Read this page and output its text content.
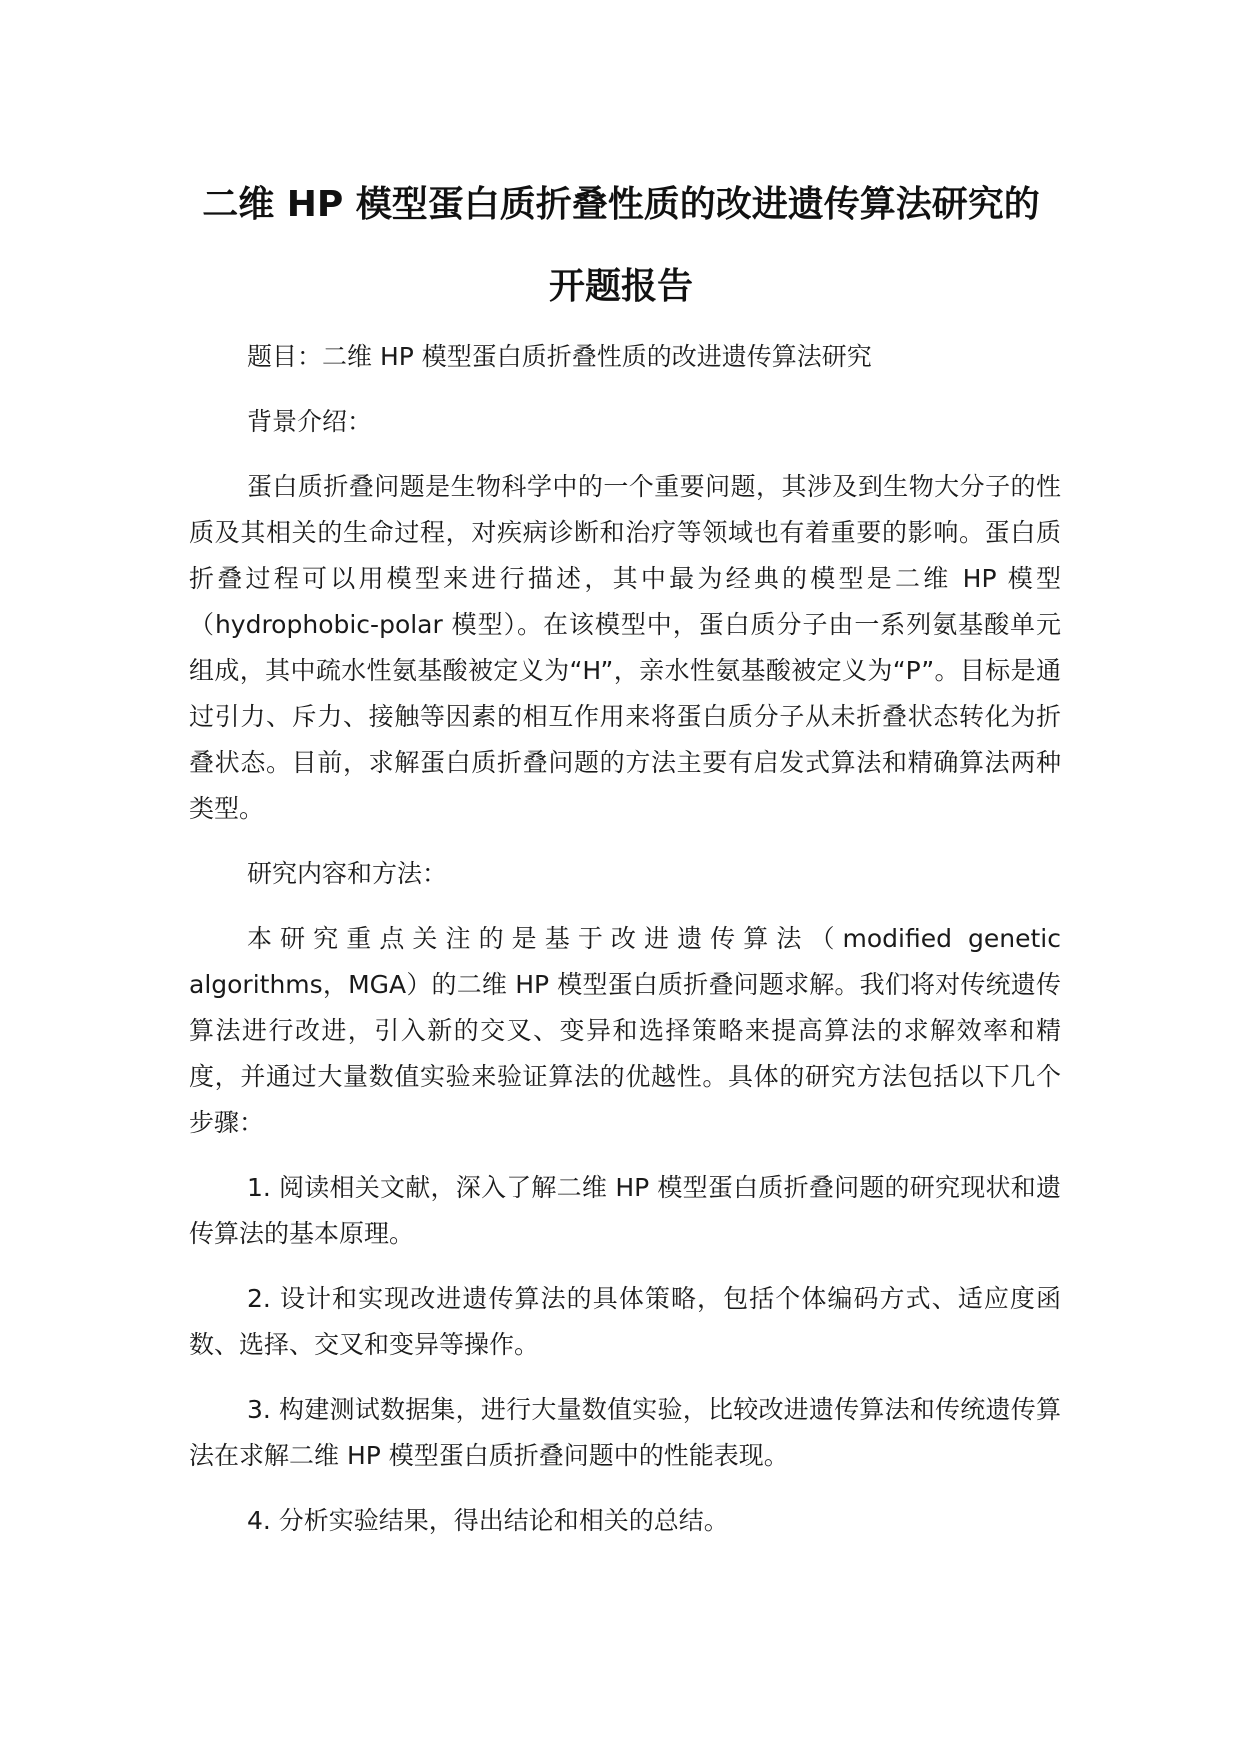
二维 HP 模型蛋白质折叠性质的改进遗传算法研究的
开题报告

题目：二维 HP 模型蛋白质折叠性质的改进遗传算法研究

背景介绍：

蛋白质折叠问题是生物科学中的一个重要问题，其涉及到生物大分子的性质及其相关的生命过程，对疾病诊断和治疗等领域也有着重要的影响。蛋白质折叠过程可以用模型来进行描述，其中最为经典的模型是二维 HP 模型（hydrophobic-polar 模型）。在该模型中，蛋白质分子由一系列氨基酸单元组成，其中疏水性氨基酸被定义为“H”，亲水性氨基酸被定义为“P”。目标是通过引力、斥力、接触等因素的相互作用来将蛋白质分子从未折叠状态转化为折叠状态。目前，求解蛋白质折叠问题的方法主要有启发式算法和精确算法两种类型。

研究内容和方法：

本研究重点关注的是基于改进遗传算法（modified genetic algorithms，MGA）的二维 HP 模型蛋白质折叠问题求解。我们将对传统遗传算法进行改进，引入新的交叉、变异和选择策略来提高算法的求解效率和精度，并通过大量数值实验来验证算法的优越性。具体的研究方法包括以下几个步骤：

1. 阅读相关文献，深入了解二维 HP 模型蛋白质折叠问题的研究现状和遗传算法的基本原理。

2. 设计和实现改进遗传算法的具体策略，包括个体编码方式、适应度函数、选择、交叉和变异等操作。

3. 构建测试数据集，进行大量数值实验，比较改进遗传算法和传统遗传算法在求解二维 HP 模型蛋白质折叠问题中的性能表现。

4. 分析实验结果，得出结论和相关的总结。
